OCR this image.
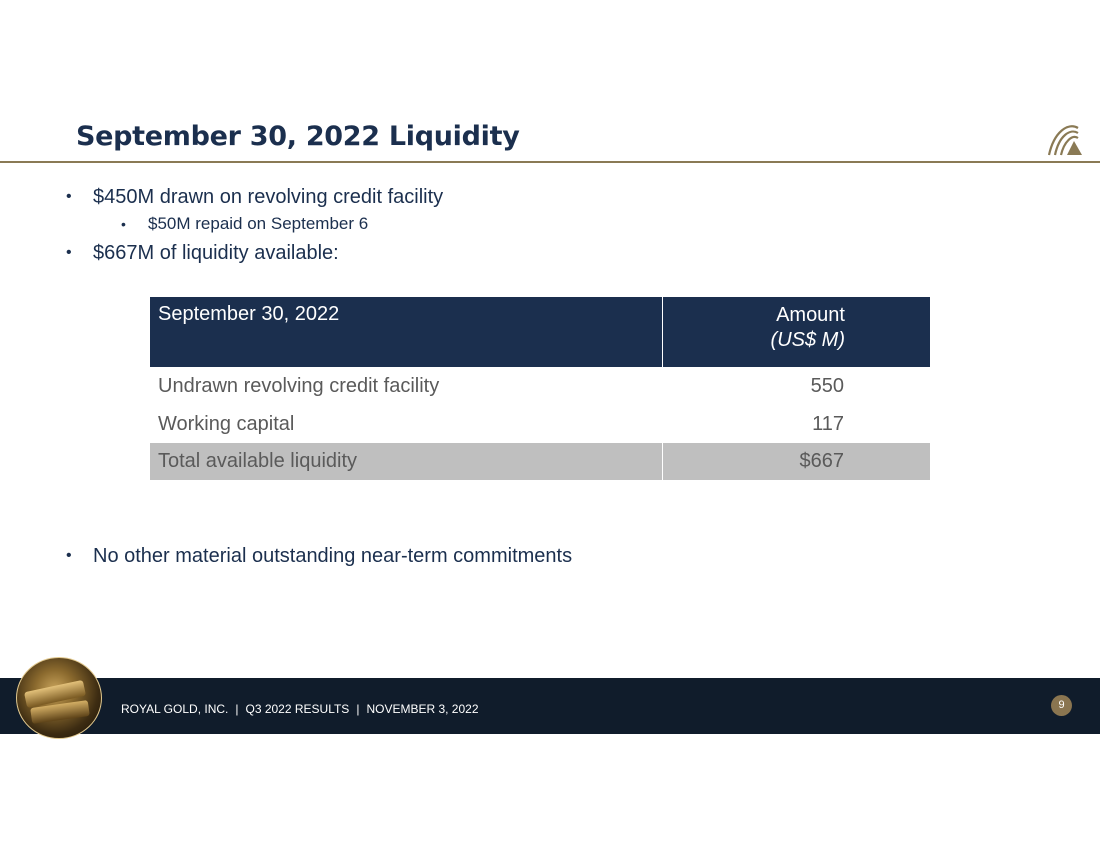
September 30, 2022 Liquidity
• $450M drawn on revolving credit facility
• $50M repaid on September 6
• $667M of liquidity available:
September 30, 2022	Amount
(US$ M)

Undrawn revolving credit facility	550
Working capital	117
Total available liquidity	$667
• No other material outstanding near-term commitments
ROYAL GOLD, INC. | Q3 2022 RESULTS | NOVEMBER 3, 2022	9
